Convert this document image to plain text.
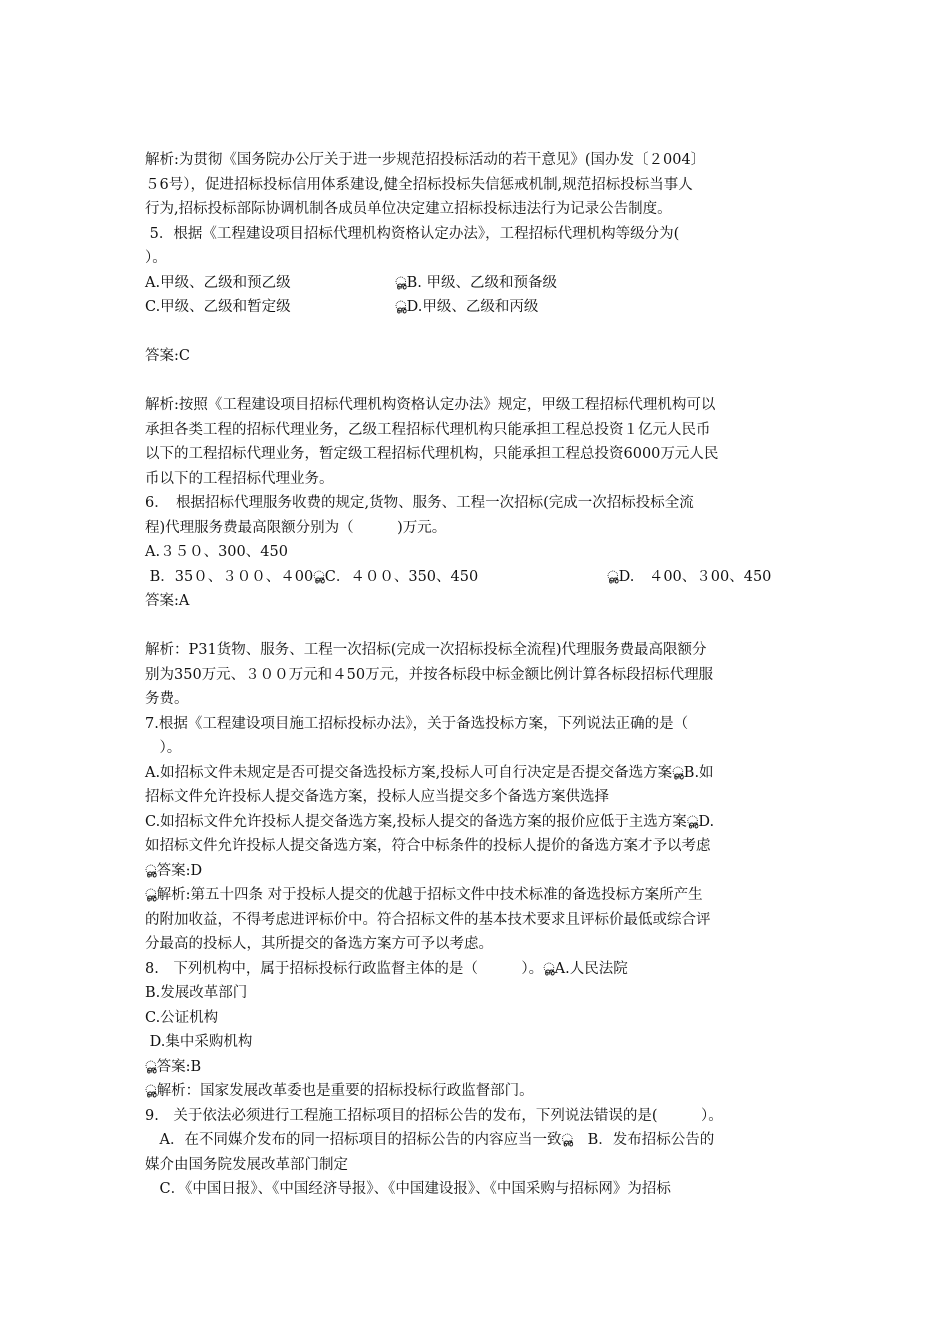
解析:为贯彻《国务院办公厅关于进一步规范招投标活动的若干意见》(国办发〔２004〕
５6号），促进招标投标信用体系建设,健全招标投标失信惩戒机制,规范招标投标当事人
行为,招标投标部际协调机制各成员单位决定建立招标投标违法行为记录公告制度。
5．根据《工程建设项目招标代理机构资格认定办法》，工程招标代理机构等级分为(
）。

A.甲级、乙级和预乙级

	ൢB. 甲级、乙级和预备级

C.甲级、乙级和暂定级

	ൢD.甲级、乙级和丙级

答案:C
解析:按照《工程建设项目招标代理机构资格认定办法》规定，甲级工程招标代理机构可以
承担各类工程的招标代理业务，乙级工程招标代理机构只能承担工程总投资１亿元人民币
以下的工程招标代理业务，暂定级工程招标代理机构，只能承担工程总投资6000万元人民
币以下的工程招标代理业务。
6．　根据招标代理服务收费的规定,货物、服务、工程一次招标(完成一次招标投标全流
程)代理服务费最高限额分别为（　　　)万元。
A.３５０、300、450

B．35０、３００、４00ൢC．４００、350、450

	ൢD.　４00、３00、450

答案:A
解析：P31货物、服务、工程一次招标(完成一次招标投标全流程)代理服务费最高限额分
别为350万元、３００万元和４50万元，并按各标段中标金额比例计算各标段招标代理服
务费。
7.根据《工程建设项目施工招标投标办法》，关于备选投标方案，下列说法正确的是（
　）。
A.如招标文件未规定是否可提交备选投标方案,投标人可自行决定是否提交备选方案ൢB.如
招标文件允许投标人提交备选方案，投标人应当提交多个备选方案供选择
C.如招标文件允许投标人提交备选方案,投标人提交的备选方案的报价应低于主选方案ൢD.
如招标文件允许投标人提交备选方案，符合中标条件的投标人提价的备选方案才予以考虑
ൢ答案:D
ൢ解析:第五十四条 对于投标人提交的优越于招标文件中技术标准的备选投标方案所产生
的附加收益，不得考虑进评标价中。符合招标文件的基本技术要求且评标价最低或综合评
分最高的投标人，其所提交的备选方案方可予以考虑。
8.　下列机构中，属于招标投标行政监督主体的是（　　　）。ൢA.人民法院
B.发展改革部门
C.公证机构
D.集中采购机构
ൢ答案:B
ൢ解析：国家发展改革委也是重要的招标投标行政监督部门。
9.　关于依法必须进行工程施工招标项目的招标公告的发布，下列说法错误的是(　　　）。
　A．在不同媒介发布的同一招标项目的招标公告的内容应当一致ൢ　B．发布招标公告的
媒介由国务院发展改革部门制定
　C．《中国日报》、《中国经济导报》、《中国建设报》、《中国采购与招标网》为招标
